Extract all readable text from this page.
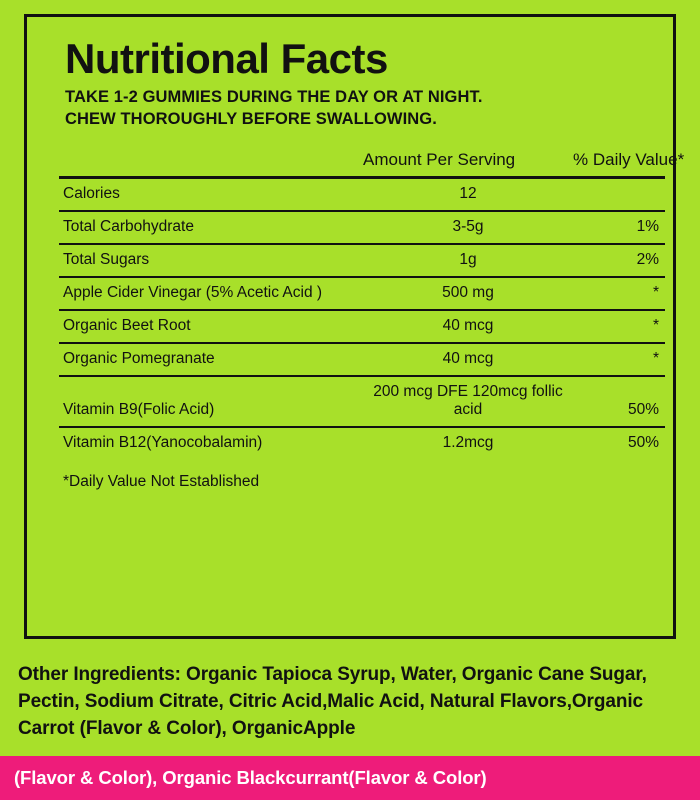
Nutritional Facts
TAKE 1-2 GUMMIES DURING THE DAY OR AT NIGHT.
CHEW THOROUGHLY BEFORE SWALLOWING.
	Amount Per Serving	% Daily Value*
Calories	12	
Total Carbohydrate	3-5g	1%
Total Sugars	1g	2%
Apple Cider Vinegar (5% Acetic Acid )	500 mg	*
Organic Beet Root	40 mcg	*
Organic Pomegranate	40 mcg	*
Vitamin B9(Folic Acid)	200 mcg DFE 120mcg follic acid	50%
Vitamin B12(Yanocobalamin)	1.2mcg	50%
*Daily Value Not Established
Other Ingredients: Organic Tapioca Syrup, Water, Organic Cane Sugar, Pectin, Sodium Citrate, Citric Acid,Malic Acid, Natural Flavors,Organic Carrot (Flavor & Color), OrganicApple
(Flavor & Color), Organic Blackcurrant(Flavor & Color)
